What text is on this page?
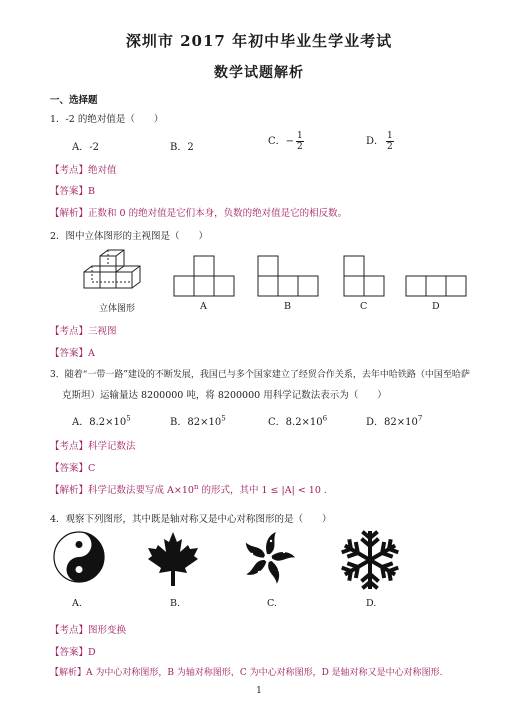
深圳市 2017 年初中毕业生学业考试
数学试题解析
一、选择题
1．-2 的绝对值是（　　）
A．-2	B．2
C．− $\frac{1}{2}$	D． $\frac{1}{2}$
【考点】绝对值
【答案】B
【解析】正数和 0 的绝对值是它们本身，负数的绝对值是它的相反数。
2．图中立体图形的主视图是（　　）
立体图形	A	B	C	D
【考点】三视图
【答案】A
3．随着“一带一路”建设的不断发展，我国已与多个国家建立了经贸合作关系，去年中哈铁路（中国至哈萨
克斯坦）运输量达 8200000 吨，将 8200000 用科学记数法表示为（　　）
A．$8.2\times 10^5$	B．$82\times 10^5$	C．$8.2\times 10^6$	D．$82\times 10^7$
【考点】科学记数法
【答案】C
【解析】科学记数法要写成 $A\times 10^n$ 的形式，其中 1 ≤ |A| < 10 .
4．观察下列图形，其中既是轴对称又是中心对称图形的是（　　）
A.	B.	C.	D.
【考点】图形变换
【答案】D
【解析】A 为中心对称图形，B 为轴对称图形，C 为中心对称图形，D 是轴对称又是中心对称图形.
1
